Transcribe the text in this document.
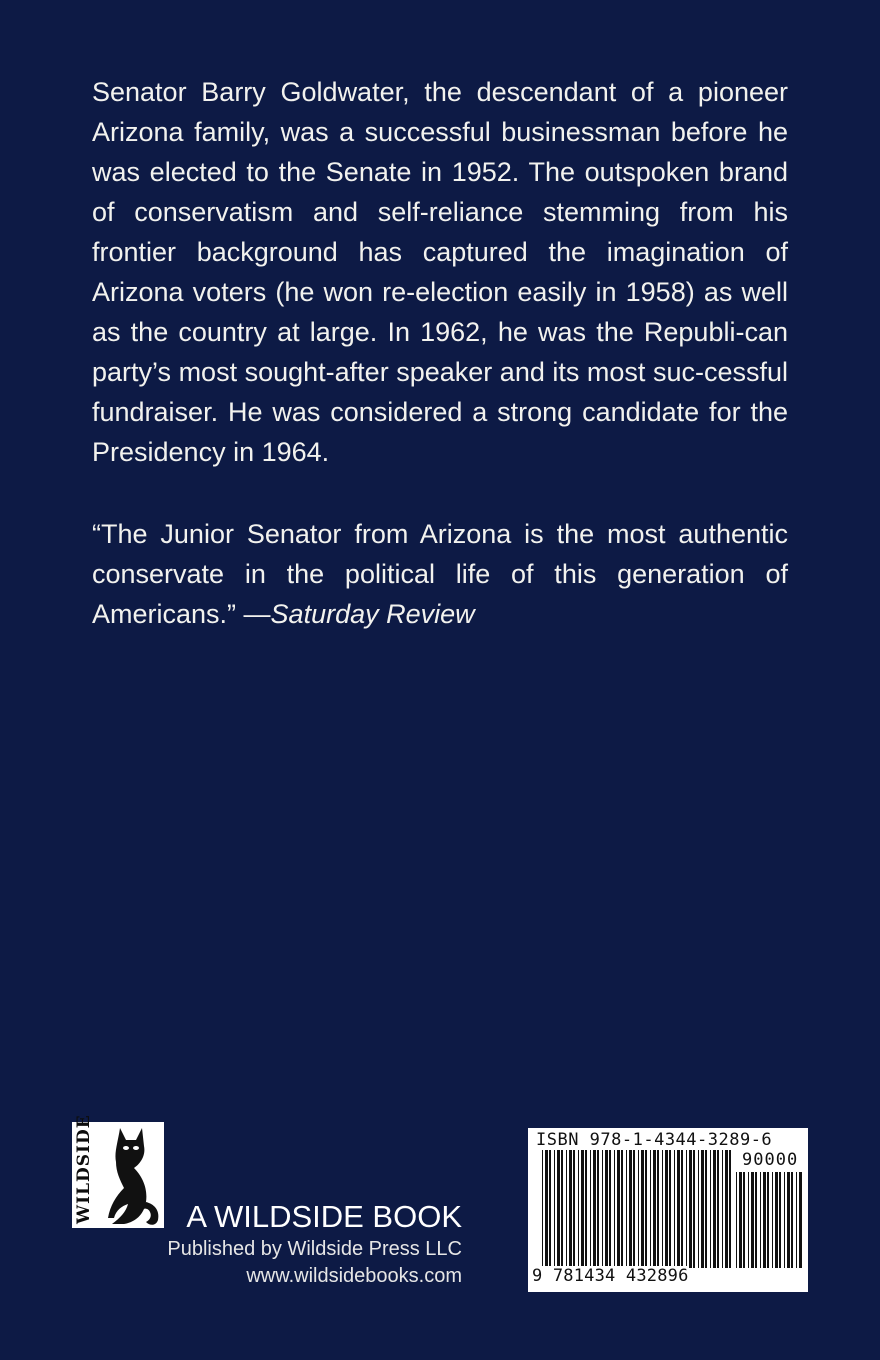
Senator Barry Goldwater, the descendant of a pioneer Arizona family, was a successful businessman before he was elected to the Senate in 1952. The outspoken brand of conservatism and self-reliance stemming from his frontier background has captured the imagination of Arizona voters (he won re-election easily in 1958) as well as the country at large. In 1962, he was the Republi-can party’s most sought-after speaker and its most suc-cessful fundraiser. He was considered a strong candidate for the Presidency in 1964.

“The Junior Senator from Arizona is the most authentic conservate in the political life of this generation of Americans.” —Saturday Review

WILDSIDE	A WILDSIDE BOOK
Published by Wildside Press LLC
www.wildsidebooks.com
ISBN 978-1-4344-3289-6
90000
9 781434 432896
